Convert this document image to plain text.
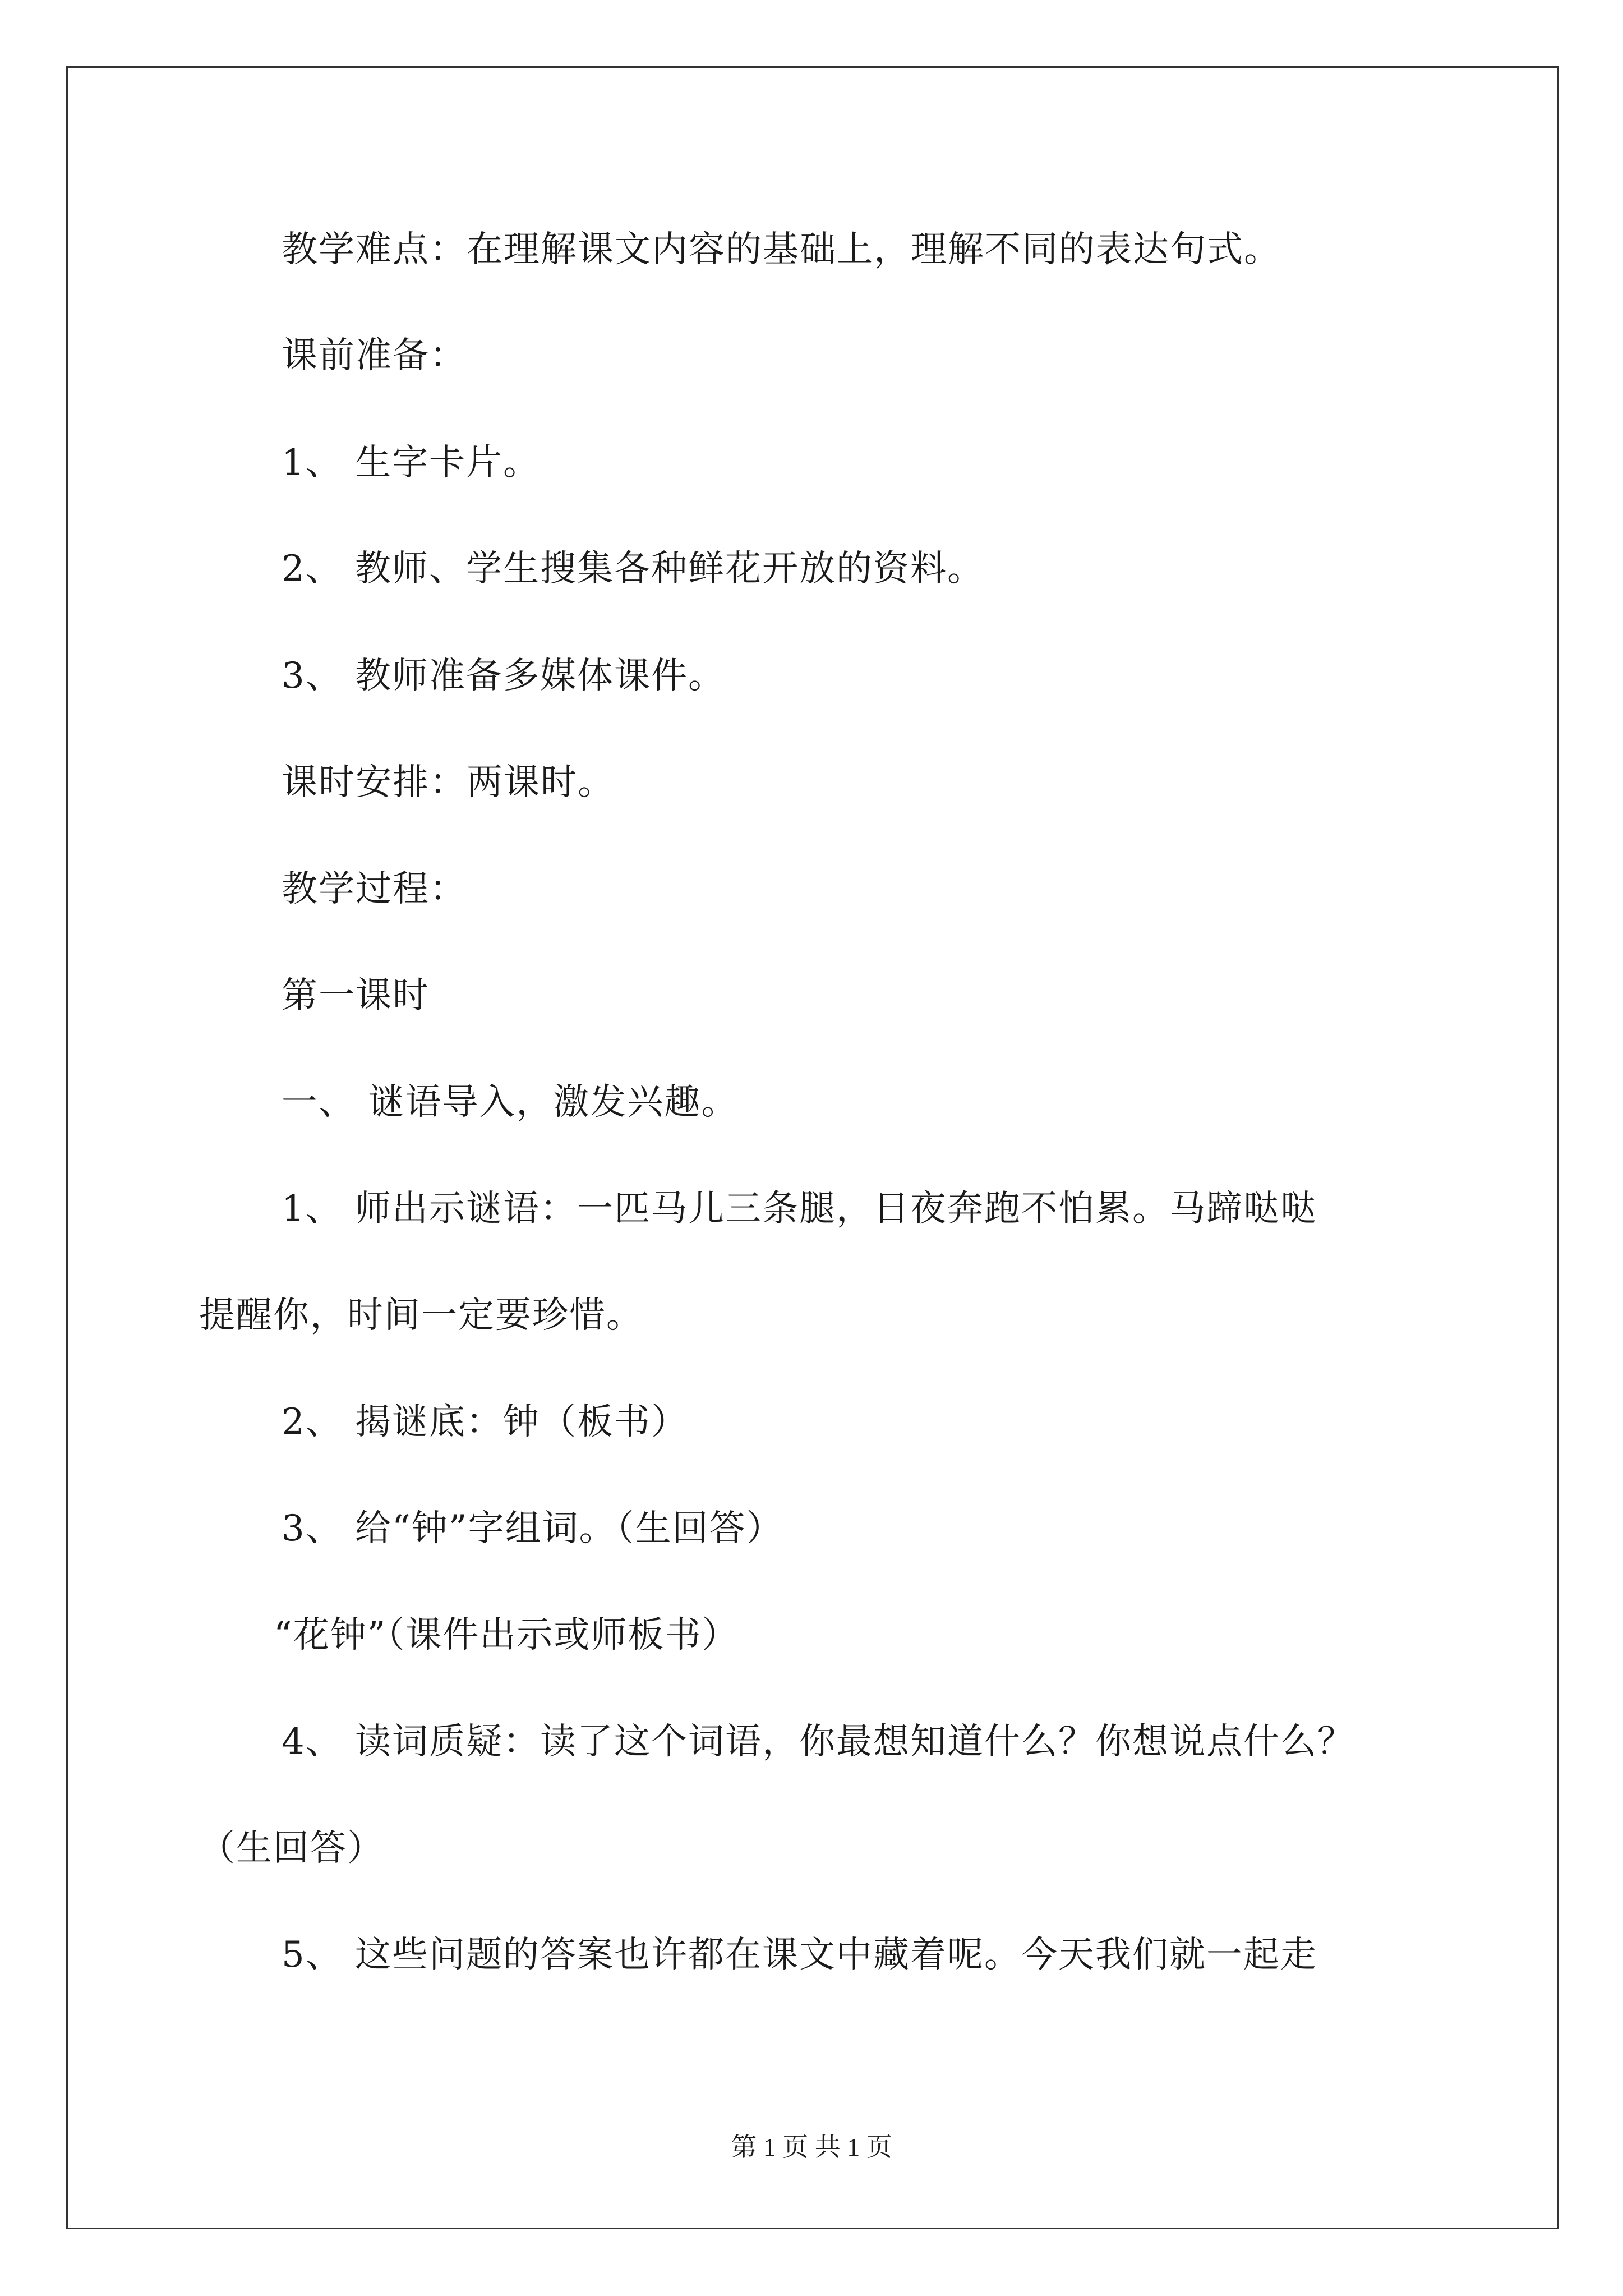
教学难点：在理解课文内容的基础上，理解不同的表达句式。
课前准备：
1、 生字卡片。
2、 教师、学生搜集各种鲜花开放的资料。
3、 教师准备多媒体课件。
课时安排：两课时。
教学过程：
第一课时
一、 谜语导入，激发兴趣。
1、 师出示谜语：一匹马儿三条腿，日夜奔跑不怕累。马蹄哒哒
提醒你，时间一定要珍惜。
2、 揭谜底：钟（板书）
3、 给“钟”字组词。（生回答）
“花钟”（课件出示或师板书）
4、 读词质疑：读了这个词语，你最想知道什么？你想说点什么？
（生回答）
5、 这些问题的答案也许都在课文中藏着呢。今天我们就一起走
第 1 页 共 1 页
